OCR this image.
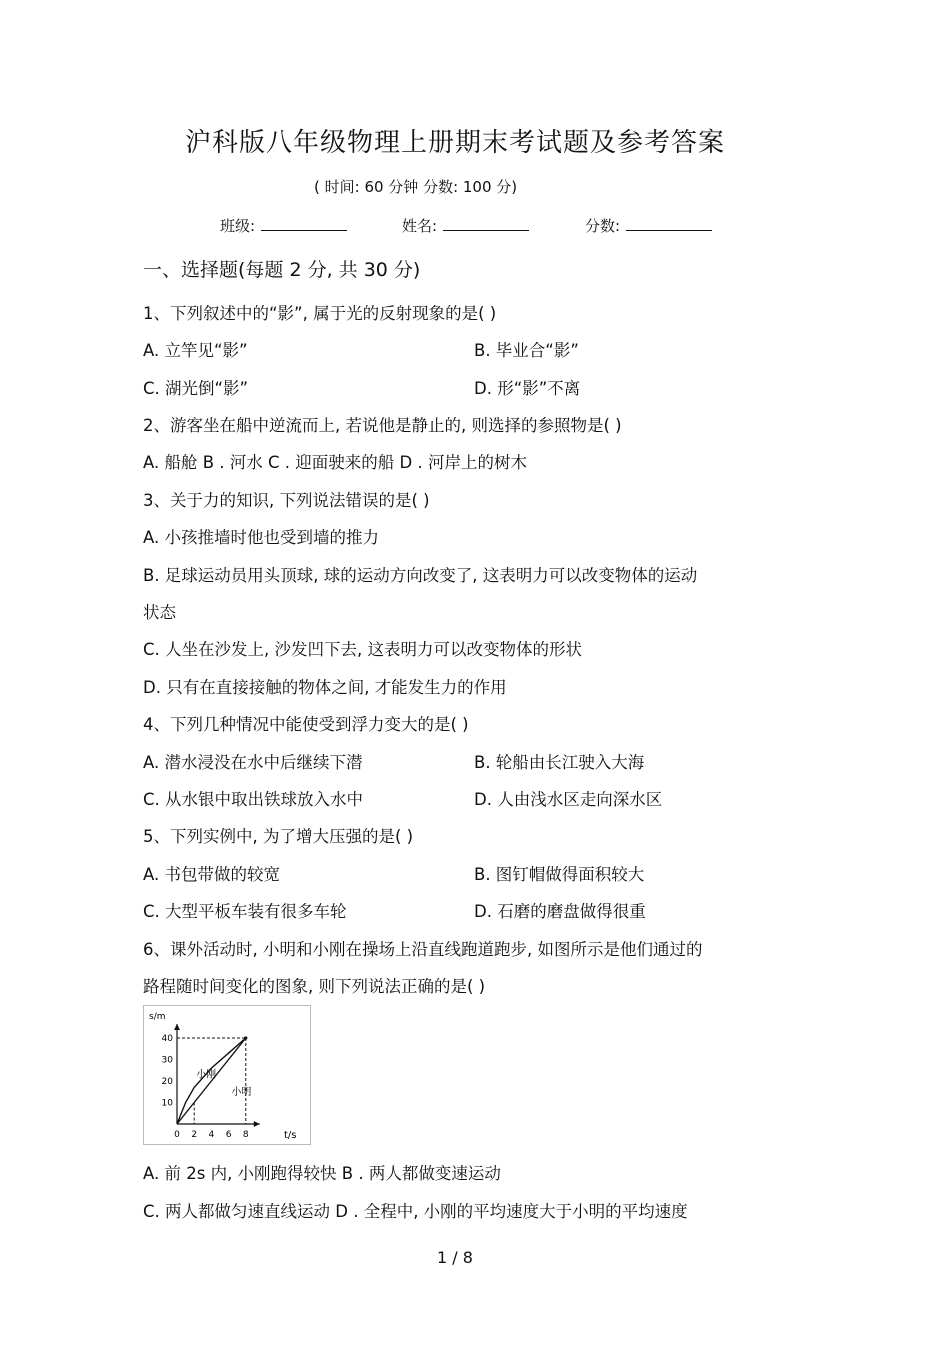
沪科版八年级物理上册期末考试题及参考答案
( 时间: 60 分钟 分数: 100 分)
班级:	姓名:	分数:
一、选择题(每题 2 分, 共 30 分)
1、下列叙述中的“影”, 属于光的反射现象的是( )
A. 立竿见“影”	B. 毕业合“影”
C. 湖光倒“影”	D. 形“影”不离
2、游客坐在船中逆流而上, 若说他是静止的, 则选择的参照物是( )
A. 船舱 B . 河水 C . 迎面驶来的船 D . 河岸上的树木
3、关于力的知识, 下列说法错误的是( )
A. 小孩推墙时他也受到墙的推力
B. 足球运动员用头顶球, 球的运动方向改变了, 这表明力可以改变物体的运动
状态
C. 人坐在沙发上, 沙发凹下去, 这表明力可以改变物体的形状
D. 只有在直接接触的物体之间, 才能发生力的作用
4、下列几种情况中能使受到浮力变大的是( )
A. 潜水浸没在水中后继续下潜	B. 轮船由长江驶入大海
C. 从水银中取出铁球放入水中	D. 人由浅水区走向深水区
5、下列实例中, 为了增大压强的是( )
A. 书包带做的较宽	B. 图钉帽做得面积较大
C. 大型平板车装有很多车轮	D. 石磨的磨盘做得很重
6、课外活动时, 小明和小刚在操场上沿直线跑道跑步, 如图所示是他们通过的
路程随时间变化的图象, 则下列说法正确的是( )
0 2 4 6 8
10
20
30
40
s/m
t/s
小刚
小明
A. 前 2s 内, 小刚跑得较快 B . 两人都做变速运动
C. 两人都做匀速直线运动 D . 全程中, 小刚的平均速度大于小明的平均速度
1 / 8
